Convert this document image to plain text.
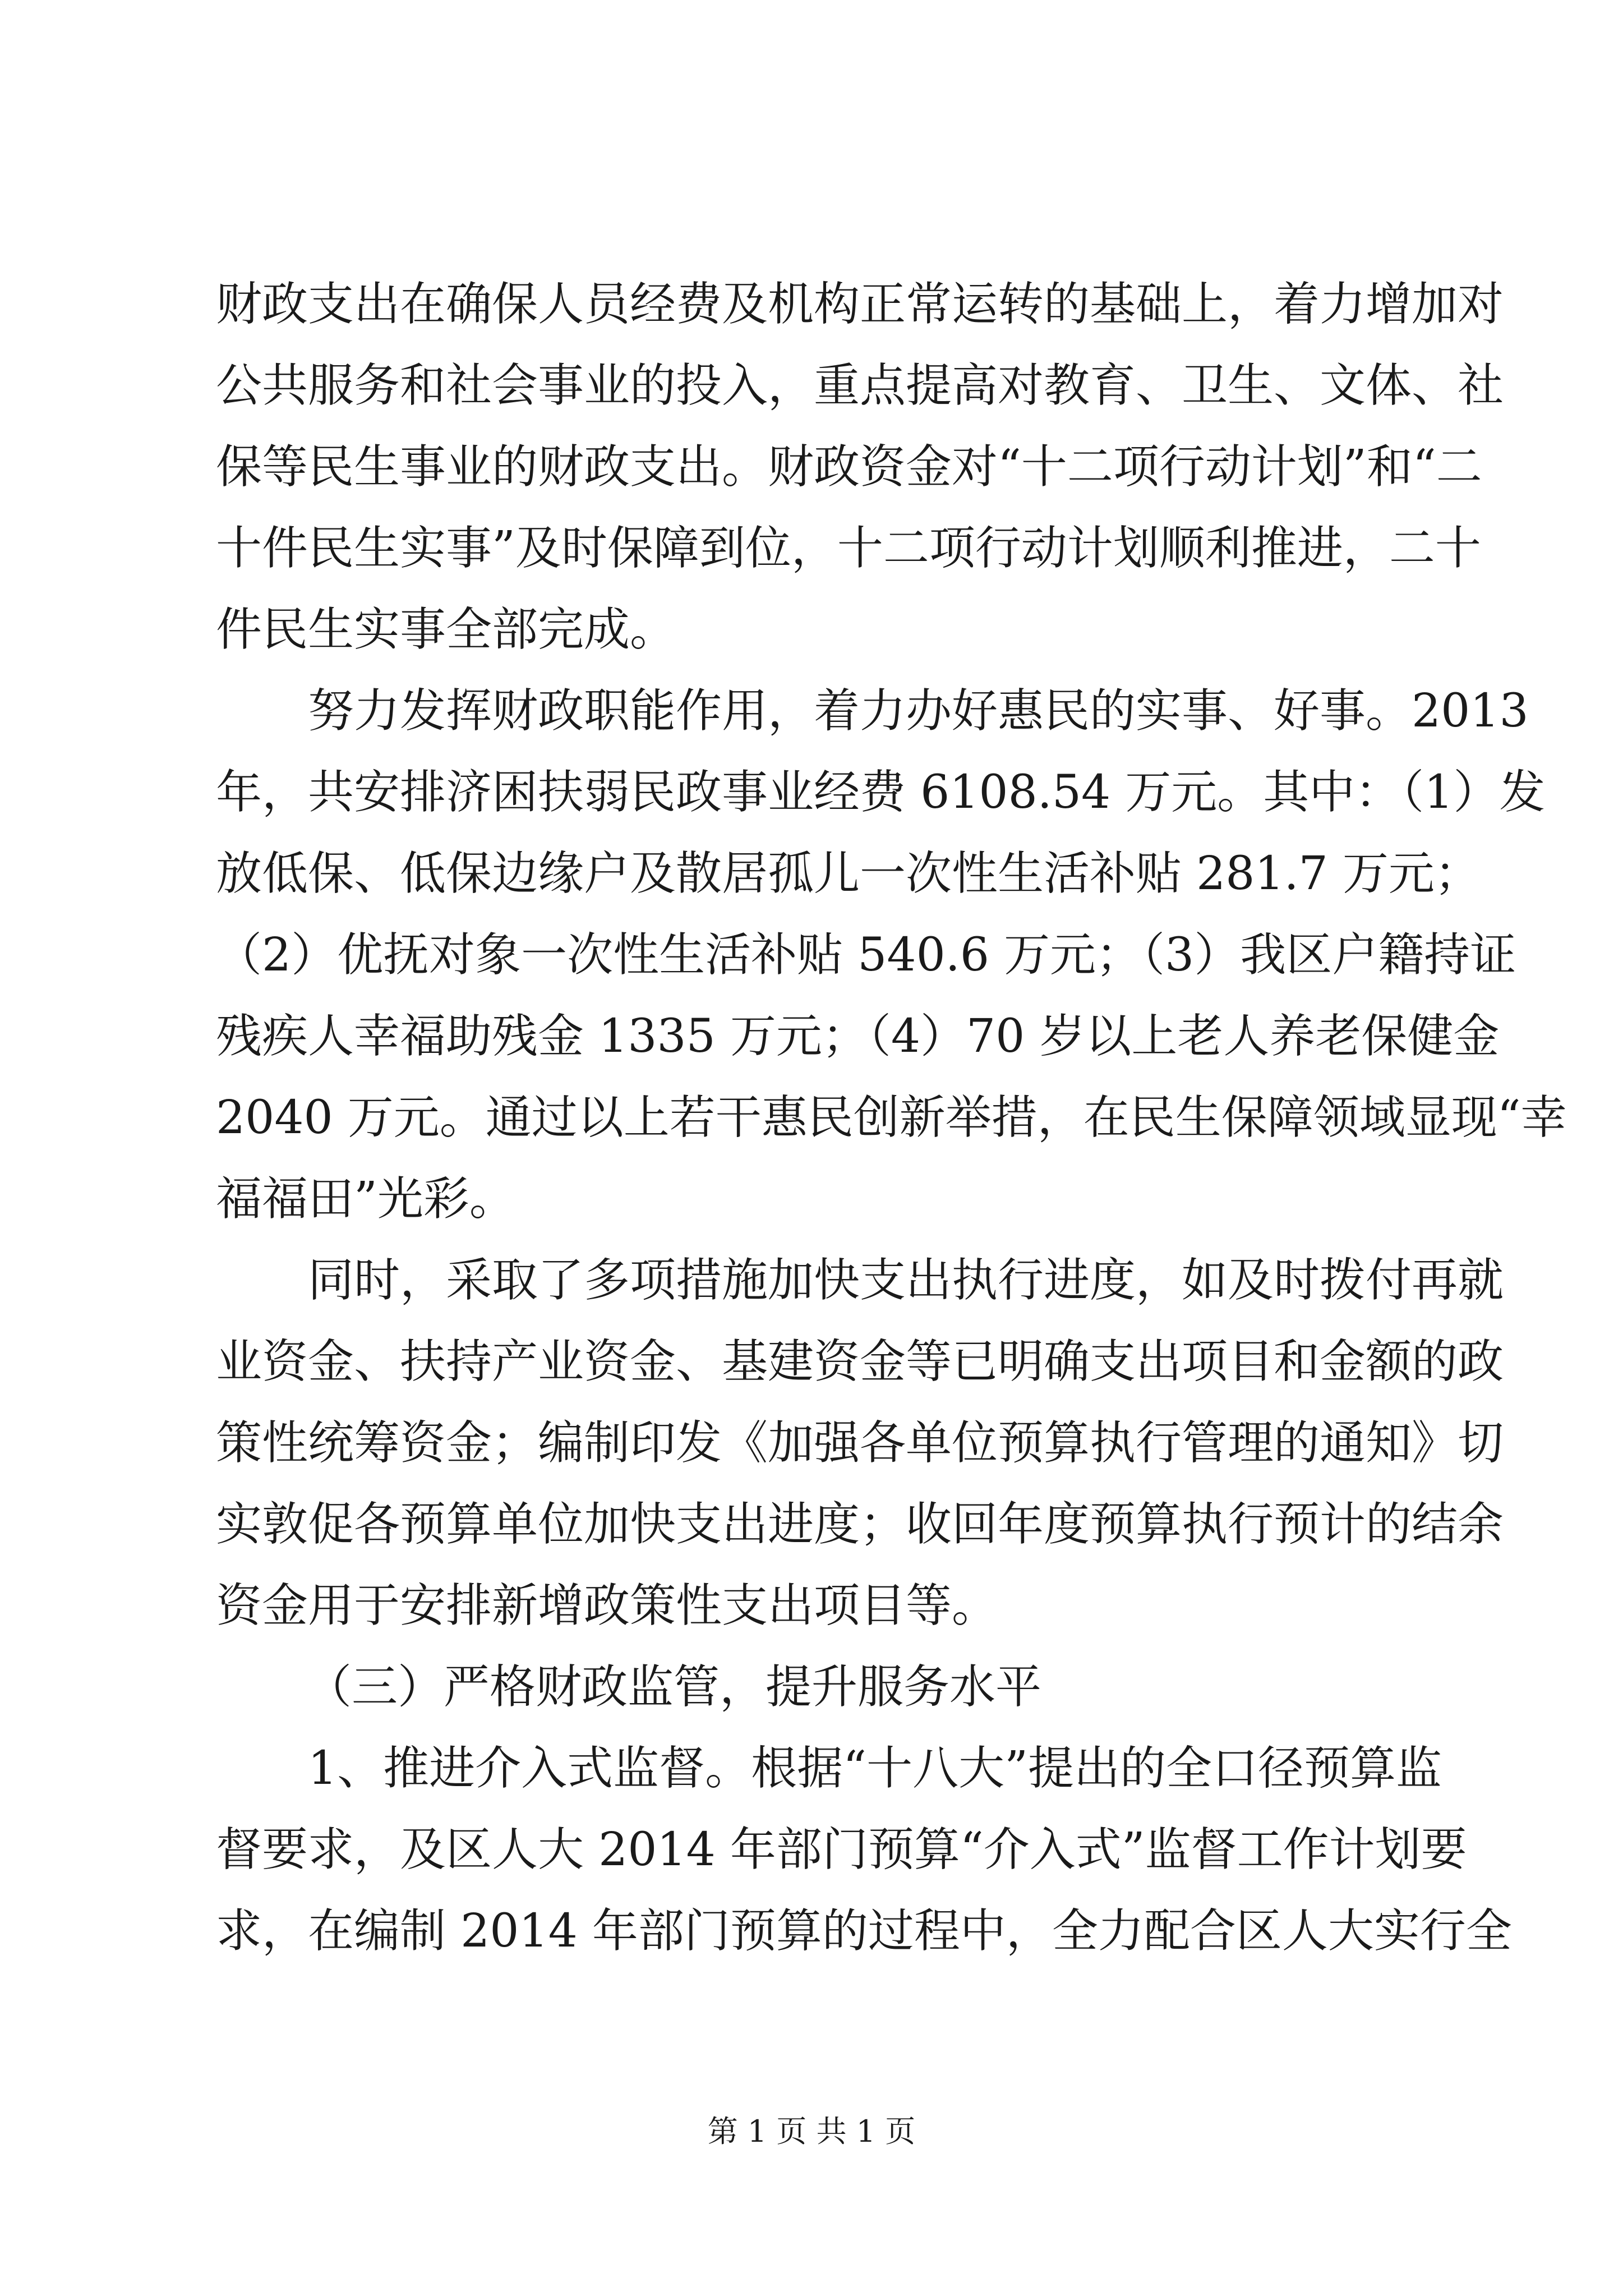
财政支出在确保人员经费及机构正常运转的基础上，着力增加对
公共服务和社会事业的投入，重点提高对教育、卫生、文体、社
保等民生事业的财政支出。财政资金对“十二项行动计划”和“二
十件民生实事”及时保障到位，十二项行动计划顺利推进，二十
件民生实事全部完成。
努力发挥财政职能作用，着力办好惠民的实事、好事。2013
年，共安排济困扶弱民政事业经费 6108.54 万元。其中：（1）发
放低保、低保边缘户及散居孤儿一次性生活补贴 281.7 万元；
（2）优抚对象一次性生活补贴 540.6 万元；（3）我区户籍持证
残疾人幸福助残金 1335 万元；（4）70 岁以上老人养老保健金
2040 万元。通过以上若干惠民创新举措，在民生保障领域显现“幸
福福田”光彩。
同时，采取了多项措施加快支出执行进度，如及时拨付再就
业资金、扶持产业资金、基建资金等已明确支出项目和金额的政
策性统筹资金；编制印发《加强各单位预算执行管理的通知》切
实敦促各预算单位加快支出进度；收回年度预算执行预计的结余
资金用于安排新增政策性支出项目等。
（三）严格财政监管，提升服务水平
1、推进介入式监督。根据“十八大”提出的全口径预算监
督要求，及区人大 2014 年部门预算“介入式”监督工作计划要
求，在编制 2014 年部门预算的过程中，全力配合区人大实行全
第 1 页 共 1 页
